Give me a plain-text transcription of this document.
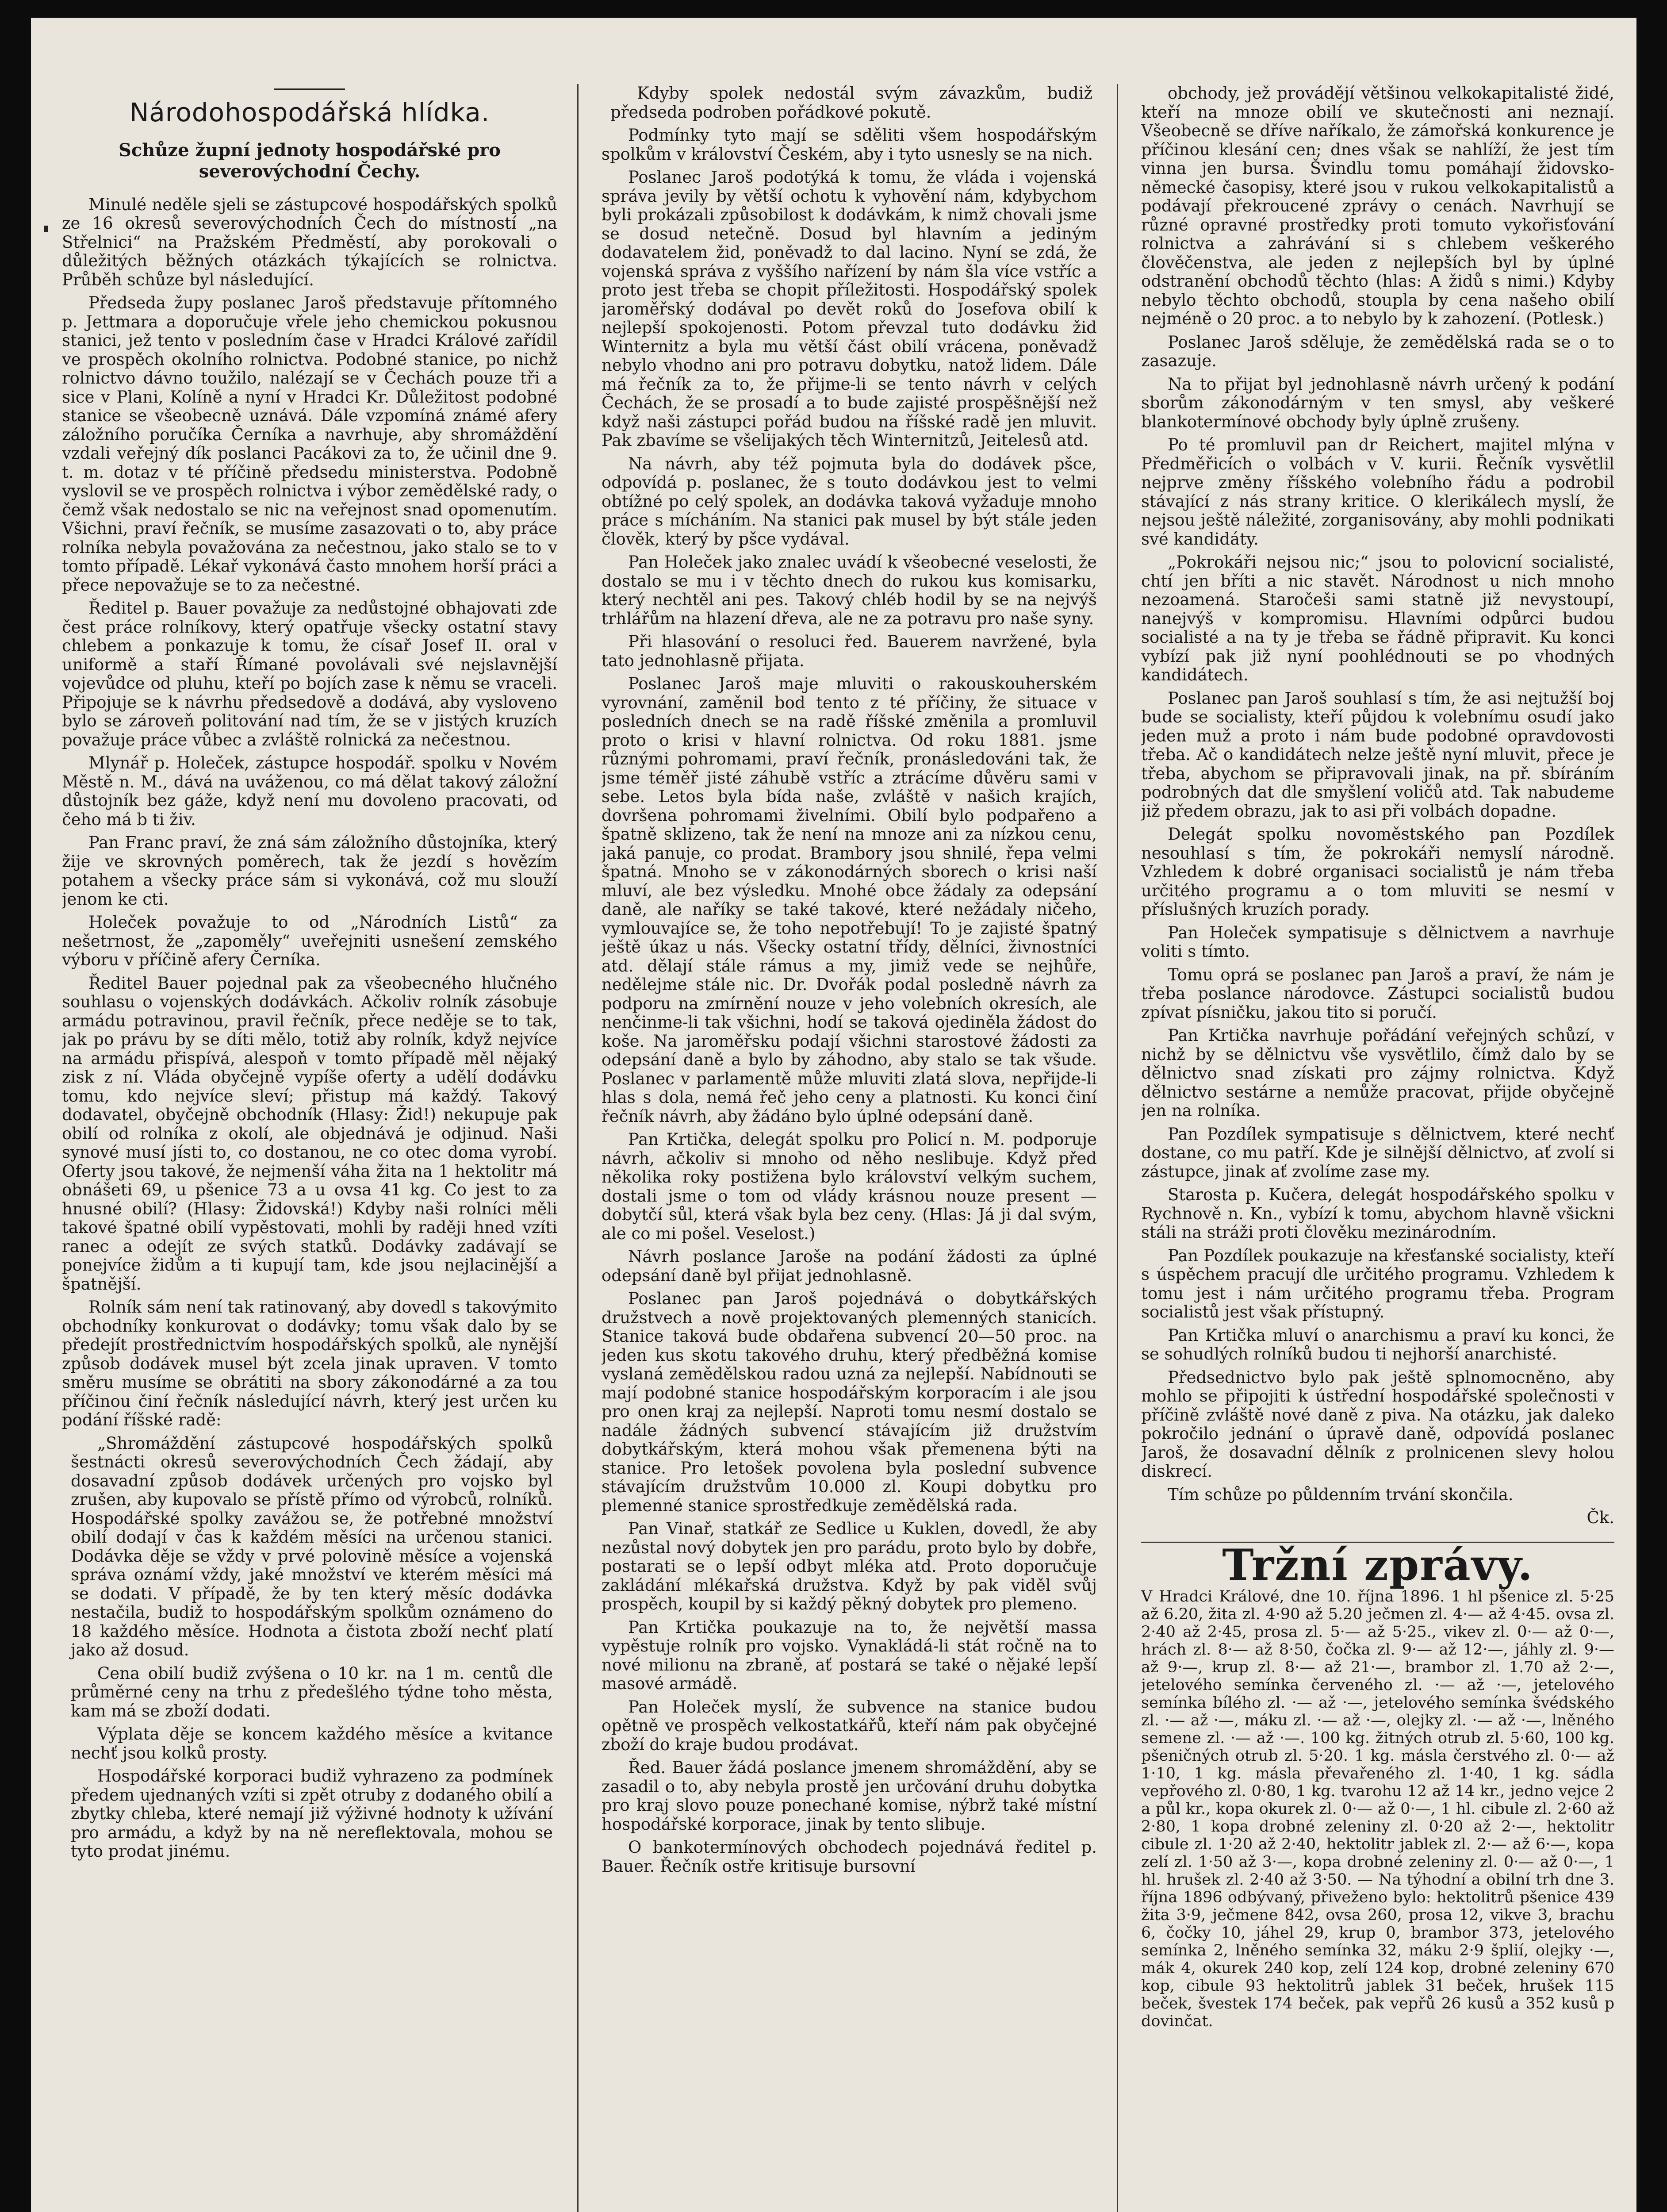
Národohospodářská hlídka.
Schůze župní jednoty hospodářské pro severovýchodní Čechy.

Minulé neděle sjeli se zástupcové hospodářských spolků ze 16 okresů severovýchodních Čech do místností „na Střelnici“ na Pražském Předměstí, aby porokovali o důležitých běžných otázkách týkajících se rolnictva. Průběh schůze byl následující.

Předseda župy poslanec Jaroš představuje přítomného p. Jettmara a doporučuje vřele jeho chemickou pokusnou stanici, jež tento v posledním čase v Hradci Králové zařídil ve prospěch okolního rolnictva. Podobné stanice, po nichž rolnictvo dávno toužilo, nalézají se v Čechách pouze tři a sice v Plani, Kolíně a nyní v Hradci Kr. Důležitost podobné stanice se všeobecně uznává. Dále vzpomíná známé afery záložního poručíka Černíka a navrhuje, aby shromáždění vzdali veřejný dík poslanci Pacákovi za to, že učinil dne 9. t. m. dotaz v té příčině předsedu ministerstva. Podobně vyslovil se ve prospěch rolnictva i výbor zemědělské rady, o čemž však nedostalo se nic na veřejnost snad opomenutím. Všichni, praví řečník, se musíme zasazovati o to, aby práce rolníka nebyla považována za nečestnou, jako stalo se to v tomto případě. Lékař vykonává často mnohem horší práci a přece nepovažuje se to za nečestné.

Ředitel p. Bauer považuje za nedůstojné obhajovati zde čest práce rolníkovy, který opatřuje všecky ostatní stavy chlebem a ponkazuje k tomu, že císař Josef II. oral v uniformě a staří Římané povolávali své nejslavnější vojevůdce od pluhu, kteří po bojích zase k němu se vraceli. Připojuje se k návrhu předsedově a dodává, aby vysloveno bylo se zároveň politování nad tím, že se v jistých kruzích považuje práce vůbec a zvláště rolnická za nečestnou.

Mlynář p. Holeček, zástupce hospodář. spolku v Novém Městě n. M., dává na uváženou, co má dělat takový záložní důstojník bez gáže, když není mu dovoleno pracovati, od čeho má b ti živ.

Pan Franc praví, že zná sám záložního důstojníka, který žije ve skrovných poměrech, tak že jezdí s hovězím potahem a všecky práce sám si vykonává, což mu slouží jenom ke cti.

Holeček považuje to od „Národních Listů“ za nešetrnost, že „zapoměly“ uveřejniti usnešení zemského výboru v příčině afery Černíka.

Ředitel Bauer pojednal pak za všeobecného hlučného souhlasu o vojenských dodávkách. Ačkoliv rolník zásobuje armádu potravinou, pravil řečník, přece neděje se to tak, jak po právu by se díti mělo, totiž aby rolník, když nejvíce na armádu přispívá, alespoň v tomto případě měl nějaký zisk z ní. Vláda obyčejně vypíše oferty a udělí dodávku tomu, kdo nejvíce sleví; přistup má každý. Takový dodavatel, obyčejně obchodník (Hlasy: Žid!) nekupuje pak obilí od rolníka z okolí, ale objednává je odjinud. Naši synové musí jísti to, co dostanou, ne co otec doma vyrobí. Oferty jsou takové, že nejmenší váha žita na 1 hektolitr má obnášeti 69, u pšenice 73 a u ovsa 41 kg. Co jest to za hnusné obilí? (Hlasy: Židovská!) Kdyby naši rolníci měli takové špatné obilí vypěstovati, mohli by raději hned vzíti ranec a odejít ze svých statků. Dodávky zadávají se ponejvíce židům a ti kupují tam, kde jsou nejlacinější a špatnější.

Rolník sám není tak ratinovaný, aby dovedl s takovýmito obchodníky konkurovat o dodávky; tomu však dalo by se předejít prostřednictvím hospodářských spolků, ale nynější způsob dodávek musel být zcela jinak upraven. V tomto směru musíme se obrátiti na sbory zákonodárné a za tou příčinou činí řečník následující návrh, který jest určen ku podání říšské radě:

„Shromáždění zástupcové hospodářských spolků šestnácti okresů severovýchodních Čech žádají, aby dosavadní způsob dodávek určených pro vojsko byl zrušen, aby kupovalo se přístě přímo od výrobců, rolníků. Hospodářské spolky zavážou se, že potřebné množství obilí dodají v čas k každém měsíci na určenou stanici. Dodávka děje se vždy v prvé polovině měsíce a vojenská správa oznámí vždy, jaké množství ve kterém měsíci má se dodati. V případě, že by ten který měsíc dodávka nestačila, budiž to hospodářským spolkům oznámeno do 18 každého měsíce. Hodnota a čistota zboží nechť platí jako až dosud.

Cena obilí budiž zvýšena o 10 kr. na 1 m. centů dle průměrné ceny na trhu z předešlého týdne toho města, kam má se zboží dodati.

Výplata děje se koncem každého měsíce a kvitance nechť jsou kolků prosty.

Hospodářské korporaci budiž vyhrazeno za podmínek předem ujednaných vzíti si zpět otruby z dodaného obilí a zbytky chleba, které nemají již výživné hodnoty k užívání pro armádu, a když by na ně nereflektovala, mohou se tyto prodat jinému.

Kdyby spolek nedostál svým závazkům, budiž předseda podroben pořádkové pokutě.

Podmínky tyto mají se sděliti všem hospodářským spolkům v království Českém, aby i tyto usnesly se na nich.

Poslanec Jaroš podotýká k tomu, že vláda i vojenská správa jevily by větší ochotu k vyhovění nám, kdybychom byli prokázali způsobilost k dodávkám, k nimž chovali jsme se dosud netečně. Dosud byl hlavním a jediným dodavatelem žid, poněvadž to dal lacino. Nyní se zdá, že vojenská správa z vyššího nařízení by nám šla více vstříc a proto jest třeba se chopit příležitosti. Hospodářský spolek jaroměřský dodával po devět roků do Josefova obilí k nejlepší spokojenosti. Potom převzal tuto dodávku žid Winternitz a byla mu větší část obilí vrácena, poněvadž nebylo vhodno ani pro potravu dobytku, natož lidem. Dále má řečník za to, že přijme-li se tento návrh v celých Čechách, že se prosadí a to bude zajisté prospěšnější než když naši zástupci pořád budou na říšské radě jen mluvit. Pak zbavíme se všelijakých těch Winternitzů, Jeitelesů atd.

Na návrh, aby též pojmuta byla do dodávek pšce, odpovídá p. poslanec, že s touto dodávkou jest to velmi obtížné po celý spolek, an dodávka taková vyžaduje mnoho práce s mícháním. Na stanici pak musel by být stále jeden člověk, který by pšce vydával.

Pan Holeček jako znalec uvádí k všeobecné veselosti, že dostalo se mu i v těchto dnech do rukou kus komisarku, který nechtěl ani pes. Takový chléb hodil by se na nejvýš trhlářům na hlazení dřeva, ale ne za potravu pro naše syny.

Při hlasování o resoluci řed. Bauerem navržené, byla tato jednohlasně přijata.

Poslanec Jaroš maje mluviti o rakouskouherském vyrovnání, zaměnil bod tento z té příčiny, že situace v posledních dnech se na radě říšské změnila a promluvil proto o krisi v hlavní rolnictva. Od roku 1881. jsme různými pohromami, praví řečník, pronásledováni tak, že jsme téměř jisté záhubě vstříc a ztrácíme důvěru sami v sebe. Letos byla bída naše, zvláště v našich krajích, dovršena pohromami živelními. Obilí bylo podpařeno a špatně sklizeno, tak že není na mnoze ani za nízkou cenu, jaká panuje, co prodat. Brambory jsou shnilé, řepa velmi špatná. Mnoho se v zákonodárných sborech o krisi naší mluví, ale bez výsledku. Mnohé obce žádaly za odepsání daně, ale naříky se také takové, které nežádaly ničeho, vymlouvajíce se, že toho nepotřebují! To je zajisté špatný ještě úkaz u nás. Všecky ostatní třídy, dělníci, živnostníci atd. dělají stále rámus a my, jimiž vede se nejhůře, nedělejme stále nic. Dr. Dvořák podal posledně návrh za podporu na zmírnění nouze v jeho volebních okresích, ale nenčinme-li tak všichni, hodí se taková ojediněla žádost do koše. Na jaroměřsku podají všichni starostové žádosti za odepsání daně a bylo by záhodno, aby stalo se tak všude. Poslanec v parlamentě může mluviti zlatá slova, nepřijde-li hlas s dola, nemá řeč jeho ceny a platnosti. Ku konci činí řečník návrh, aby žádáno bylo úplné odepsání daně.

Pan Krtička, delegát spolku pro Policí n. M. podporuje návrh, ačkoliv si mnoho od něho neslibuje. Když před několika roky postižena bylo království velkým suchem, dostali jsme o tom od vlády krásnou nouze present — dobytčí sůl, která však byla bez ceny. (Hlas: Já ji dal svým, ale co mi pošel. Veselost.)

Návrh poslance Jaroše na podání žádosti za úplné odepsání daně byl přijat jednohlasně.

Poslanec pan Jaroš pojednává o dobytkářských družstvech a nově projektovaných plemenných stanicích. Stanice taková bude obdařena subvencí 20—50 proc. na jeden kus skotu takového druhu, který předběžná komise vyslaná zemědělskou radou uzná za nejlepší. Nabídnouti se mají podobné stanice hospodářským korporacím i ale jsou pro onen kraj za nejlepší. Naproti tomu nesmí dostalo se nadále žádných subvencí stávajícím již družstvím dobytkářským, která mohou však přemenena býti na stanice. Pro letošek povolena byla poslední subvence stávajícím družstvům 10.000 zl. Koupi dobytku pro plemenné stanice sprostředkuje zemědělská rada.

Pan Vinař, statkář ze Sedlice u Kuklen, dovedl, že aby nezůstal nový dobytek jen pro parádu, proto bylo by dobře, postarati se o lepší odbyt mléka atd. Proto doporučuje zakládání mlékařská družstva. Když by pak viděl svůj prospěch, koupil by si každý pěkný dobytek pro plemeno.

Pan Krtička poukazuje na to, že největší massa vypěstuje rolník pro vojsko. Vynakládá-li stát ročně na to nové milionu na zbraně, ať postará se také o nějaké lepší masové armádě.

Pan Holeček myslí, že subvence na stanice budou opětně ve prospěch velkostatkářů, kteří nám pak obyčejné zboží do kraje budou prodávat.

Řed. Bauer žádá poslance jmenem shromáždění, aby se zasadil o to, aby nebyla prostě jen určování druhu dobytka pro kraj slovo pouze ponechané komise, nýbrž také místní hospodářské korporace, jinak by tento slibuje.

O bankotermínových obchodech pojednává ředitel p. Bauer. Řečník ostře kritisuje bursovní

obchody, jež provádějí většinou velkokapitalisté židé, kteří na mnoze obilí ve skutečnosti ani neznají. Všeobecně se dříve naříkalo, že zámořská konkurence je příčinou klesání cen; dnes však se nahlíží, že jest tím vinna jen bursa. Švindlu tomu pomáhají židovsko-německé časopisy, které jsou v rukou velkokapitalistů a podávají překroucené zprávy o cenách. Navrhují se různé opravné prostředky proti tomuto vykořisťování rolnictva a zahrávání si s chlebem veškerého člověčenstva, ale jeden z nejlepších byl by úplné odstranění obchodů těchto (hlas: A židů s nimi.) Kdyby nebylo těchto obchodů, stoupla by cena našeho obilí nejméně o 20 proc. a to nebylo by k zahození. (Potlesk.)

Poslanec Jaroš sděluje, že zemědělská rada se o to zasazuje.

Na to přijat byl jednohlasně návrh určený k podání sborům zákonodárným v ten smysl, aby veškeré blankotermínové obchody byly úplně zrušeny.

Po té promluvil pan dr Reichert, majitel mlýna v Předměřicích o volbách v V. kurii. Řečník vysvětlil nejprve změny říšského volebního řádu a podrobil stávající z nás strany kritice. O klerikálech myslí, že nejsou ještě náležité, zorganisovány, aby mohli podnikati své kandidáty.

„Pokrokáři nejsou nic;“ jsou to polovicní socialisté, chtí jen bříti a nic stavět. Národnost u nich mnoho nezoamená. Staročeši sami statně již nevystoupí, nanejvýš v kompromisu. Hlavními odpůrci budou socialisté a na ty je třeba se řádně připravit. Ku konci vybízí pak již nyní poohlédnouti se po vhodných kandidátech.

Poslanec pan Jaroš souhlasí s tím, že asi nejtužší boj bude se socialisty, kteří půjdou k volebnímu osudí jako jeden muž a proto i nám bude podobné opravdovosti třeba. Ač o kandidátech nelze ještě nyní mluvit, přece je třeba, abychom se připravovali jinak, na př. sbíráním podrobných dat dle smyšlení voličů atd. Tak nabudeme již předem obrazu, jak to asi při volbách dopadne.

Delegát spolku novoměstského pan Pozdílek nesouhlasí s tím, že pokrokáři nemyslí národně. Vzhledem k dobré organisaci socialistů je nám třeba určitého programu a o tom mluviti se nesmí v příslušných kruzích porady.

Pan Holeček sympatisuje s dělnictvem a navrhuje voliti s tímto.

Tomu oprá se poslanec pan Jaroš a praví, že nám je třeba poslance národovce. Zástupci socialistů budou zpívat písničku, jakou tito si poručí.

Pan Krtička navrhuje pořádání veřejných schůzí, v nichž by se dělnictvu vše vysvětlilo, čímž dalo by se dělnictvo snad získati pro zájmy rolnictva. Když dělnictvo sestárne a nemůže pracovat, přijde obyčejně jen na rolníka.

Pan Pozdílek sympatisuje s dělnictvem, které nechť dostane, co mu patří. Kde je silnější dělnictvo, ať zvolí si zástupce, jinak ať zvolíme zase my.

Starosta p. Kučera, delegát hospodářského spolku v Rychnově n. Kn., vybízí k tomu, abychom hlavně všickni stáli na stráži proti člověku mezinárodním.

Pan Pozdílek poukazuje na křesťanské socialisty, kteří s úspěchem pracují dle určitého programu. Vzhledem k tomu jest i nám určitého programu třeba. Program socialistů jest však přístupný.

Pan Krtička mluví o anarchismu a praví ku konci, že se sohudlých rolníků budou ti nejhorší anarchisté.

Předsednictvo bylo pak ještě splnomocněno, aby mohlo se připojiti k ústřední hospodářské společnosti v příčině zvláště nové daně z piva. Na otázku, jak daleko pokročilo jednání o úpravě daně, odpovídá poslanec Jaroš, že dosavadní dělník z prolnicenen slevy holou diskrecí.

Tím schůze po půldenním trvání skončila.

Čk.
Tržní zprávy.

V Hradci Králové, dne 10. října 1896. 1 hl pšenice zl. 5·25 až 6.20, žita zl. 4·90 až 5.20 ječmen zl. 4·— až 4·45. ovsa zl. 2·40 až 2·45, prosa zl. 5·— až 5·25., vikev zl. 0·— až 0·—, hrách zl. 8·— až 8·50, čočka zl. 9·— až 12·—, jáhly zl. 9·— až 9·—, krup zl. 8·— až 21·—, brambor zl. 1.70 až 2·—, jetelového semínka červeného zl. ·— až ·—, jetelového semínka bílého zl. ·— až ·—, jetelového semínka švédského zl. ·— až ·—, máku zl. ·— až ·—, olejky zl. ·— až ·—, lněného semene zl. ·— až ·—. 100 kg. žitných otrub zl. 5·60, 100 kg. pšeničných otrub zl. 5·20. 1 kg. másla čerstvého zl. 0·— až 1·10, 1 kg. másla převařeného zl. 1·40, 1 kg. sádla vepřového zl. 0·80, 1 kg. tvarohu 12 až 14 kr., jedno vejce 2 a půl kr., kopa okurek zl. 0·— až 0·—, 1 hl. cibule zl. 2·60 až 2·80, 1 kopa drobné zeleniny zl. 0·20 až 2·—, hektolitr cibule zl. 1·20 až 2·40, hektolitr jablek zl. 2·— až 6·—, kopa zelí zl. 1·50 až 3·—, kopa drobné zeleniny zl. 0·— až 0·—, 1 hl. hrušek zl. 2·40 až 3·50. — Na týhodní a obilní trh dne 3. října 1896 odbývaný, přiveženo bylo: hektolitrů pšenice 439 žita 3·9, ječmene 842, ovsa 260, prosa 12, vikve 3, brachu 6, čočky 10, jáhel 29, krup 0, brambor 373, jetelového semínka 2, lněného semínka 32, máku 2·9 šplií, olejky ·—, mák 4, okurek 240 kop, zelí 124 kop, drobné zeleniny 670 kop, cibule 93 hektolitrů jablek 31 beček, hrušek 115 beček, švestek 174 beček, pak vepřů 26 kusů a 352 kusů p dovinčat.
